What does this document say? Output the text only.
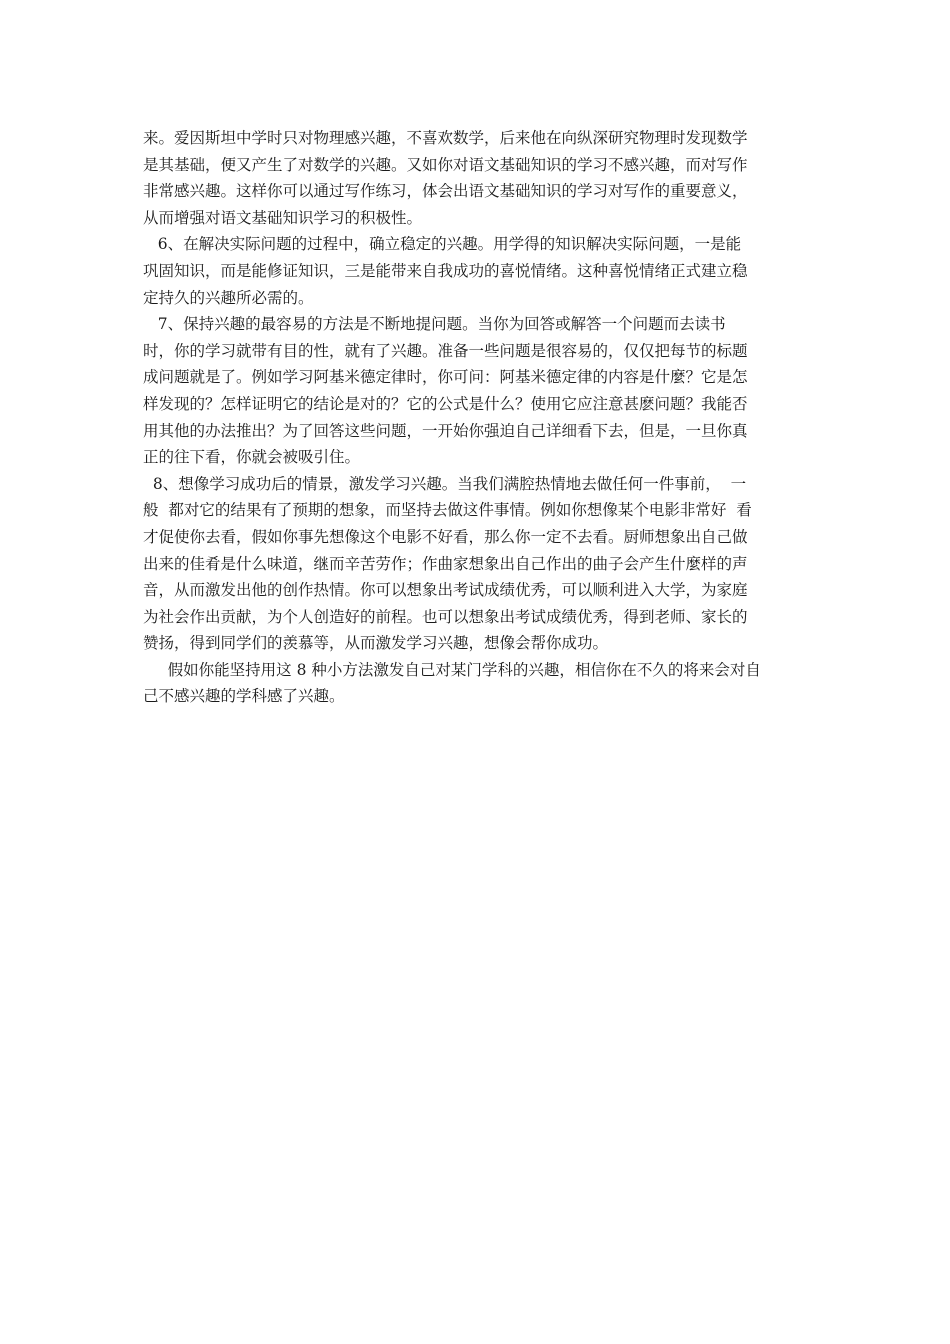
来。爱因斯坦中学时只对物理感兴趣，不喜欢数学，后来他在向纵深研究物理时发现数学
是其基础，便又产生了对数学的兴趣。又如你对语文基础知识的学习不感兴趣，而对写作
非常感兴趣。这样你可以通过写作练习，体会出语文基础知识的学习对写作的重要意义，
从而增强对语文基础知识学习的积极性。
6、在解决实际问题的过程中，确立稳定的兴趣。用学得的知识解决实际问题，一是能
巩固知识，而是能修证知识，三是能带来自我成功的喜悦情绪。这种喜悦情绪正式建立稳
定持久的兴趣所必需的。
7、保持兴趣的最容易的方法是不断地提问题。当你为回答或解答一个问题而去读书
时，你的学习就带有目的性，就有了兴趣。准备一些问题是很容易的，仅仅把每节的标题
成问题就是了。例如学习阿基米德定律时，你可问：阿基米德定律的内容是什麼？它是怎
样发现的？怎样证明它的结论是对的？它的公式是什么？使用它应注意甚麽问题？我能否
用其他的办法推出？为了回答这些问题，一开始你强迫自己详细看下去，但是，一旦你真
正的往下看，你就会被吸引住。
8、想像学习成功后的情景，激发学习兴趣。当我们满腔热情地去做任何一件事前，  一
般  都对它的结果有了预期的想象，而坚持去做这件事情。例如你想像某个电影非常好  看
才促使你去看，假如你事先想像这个电影不好看，那么你一定不去看。厨师想象出自己做
出来的佳肴是什么味道，继而辛苦劳作；作曲家想象出自己作出的曲子会产生什麼样的声
音，从而激发出他的创作热情。你可以想象出考试成绩优秀，可以顺利进入大学，为家庭
为社会作出贡献，为个人创造好的前程。也可以想象出考试成绩优秀，得到老师、家长的
赞扬，得到同学们的羡慕等，从而激发学习兴趣，想像会帮你成功。
假如你能坚持用这 8 种小方法激发自己对某门学科的兴趣，相信你在不久的将来会对自
己不感兴趣的学科感了兴趣。
